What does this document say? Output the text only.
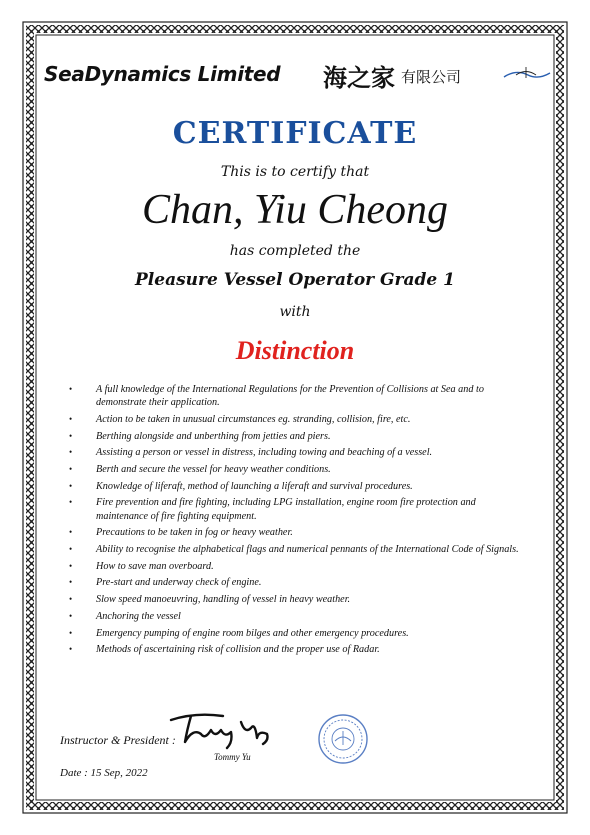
SeaDynamics Limited 海之家 有限公司
CERTIFICATE
This is to certify that
Chan, Yiu Cheong
has completed the
Pleasure Vessel Operator Grade 1
with
Distinction
• A full knowledge of the International Regulations for the Prevention of Collisions at Sea and to demonstrate their application.
• Action to be taken in unusual circumstances eg. stranding, collision, fire, etc.
• Berthing alongside and unberthing from jetties and piers.
• Assisting a person or vessel in distress, including towing and beaching of a vessel.
• Berth and secure the vessel for heavy weather conditions.
• Knowledge of liferaft, method of launching a liferaft and survival procedures.
• Fire prevention and fire fighting, including LPG installation, engine room fire protection and maintenance of fire fighting equipment.
• Precautions to be taken in fog or heavy weather.
• Ability to recognise the alphabetical flags and numerical pennants of the International Code of Signals.
• How to save man overboard.
• Pre-start and underway check of engine.
• Slow speed manoeuvring, handling of vessel in heavy weather.
• Anchoring the vessel
• Emergency pumping of engine room bilges and other emergency procedures.
• Methods of ascertaining risk of collision and the proper use of Radar.
Instructor & President :
Tommy Yu
Date : 15 Sep, 2022
